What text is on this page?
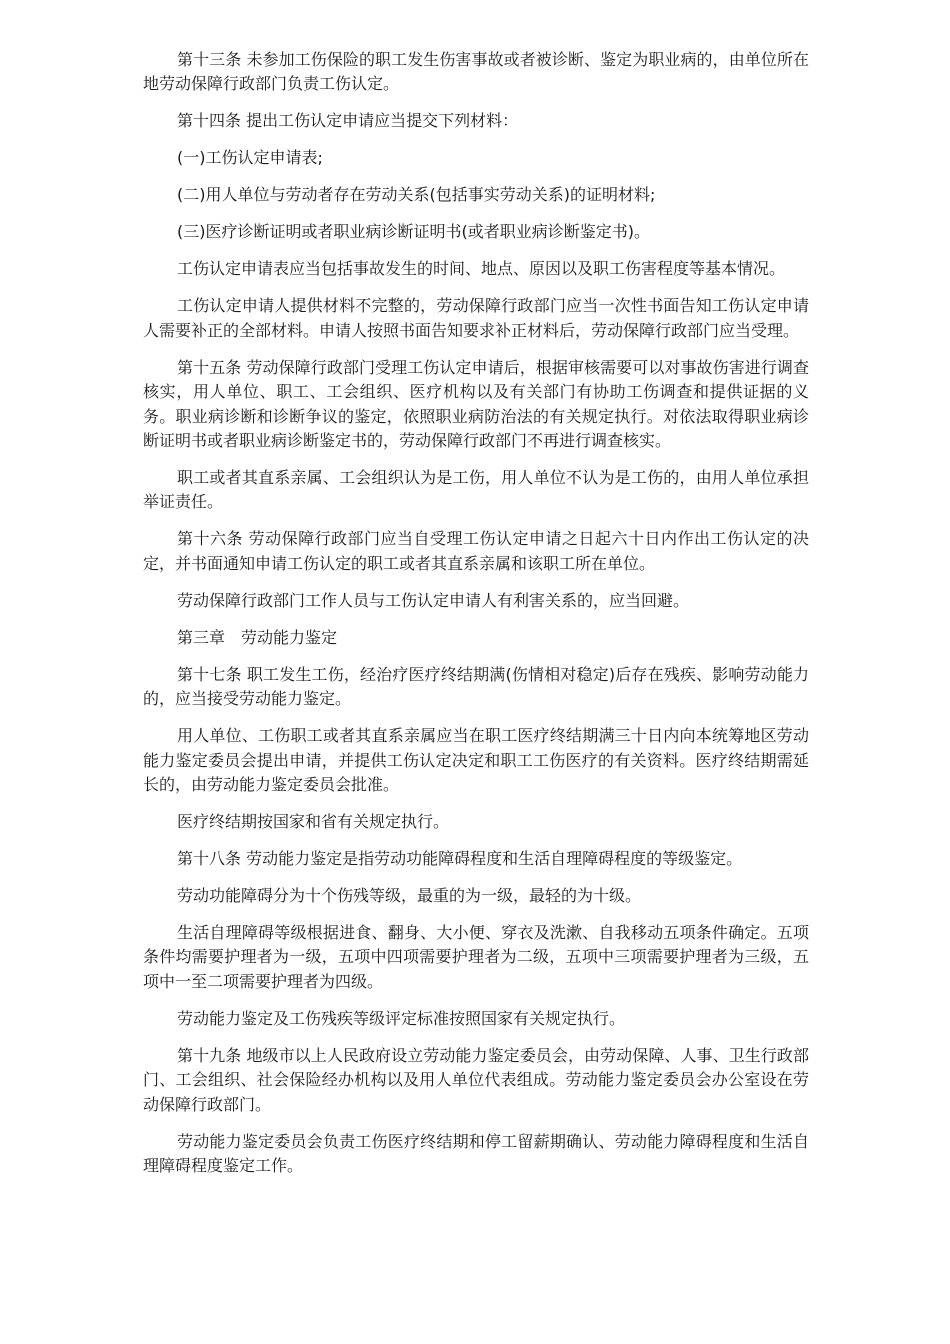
第十三条 未参加工伤保险的职工发生伤害事故或者被诊断、鉴定为职业病的，由单位所在地劳动保障行政部门负责工伤认定。

第十四条 提出工伤认定申请应当提交下列材料：

(一)工伤认定申请表;

(二)用人单位与劳动者存在劳动关系(包括事实劳动关系)的证明材料;

(三)医疗诊断证明或者职业病诊断证明书(或者职业病诊断鉴定书)。

工伤认定申请表应当包括事故发生的时间、地点、原因以及职工伤害程度等基本情况。

工伤认定申请人提供材料不完整的，劳动保障行政部门应当一次性书面告知工伤认定申请人需要补正的全部材料。申请人按照书面告知要求补正材料后，劳动保障行政部门应当受理。

第十五条 劳动保障行政部门受理工伤认定申请后，根据审核需要可以对事故伤害进行调查核实，用人单位、职工、工会组织、医疗机构以及有关部门有协助工伤调查和提供证据的义务。职业病诊断和诊断争议的鉴定，依照职业病防治法的有关规定执行。对依法取得职业病诊断证明书或者职业病诊断鉴定书的，劳动保障行政部门不再进行调查核实。

职工或者其直系亲属、工会组织认为是工伤，用人单位不认为是工伤的，由用人单位承担举证责任。

第十六条 劳动保障行政部门应当自受理工伤认定申请之日起六十日内作出工伤认定的决定，并书面通知申请工伤认定的职工或者其直系亲属和该职工所在单位。

劳动保障行政部门工作人员与工伤认定申请人有利害关系的，应当回避。

第三章　劳动能力鉴定

第十七条 职工发生工伤，经治疗医疗终结期满(伤情相对稳定)后存在残疾、影响劳动能力的，应当接受劳动能力鉴定。

用人单位、工伤职工或者其直系亲属应当在职工医疗终结期满三十日内向本统筹地区劳动能力鉴定委员会提出申请，并提供工伤认定决定和职工工伤医疗的有关资料。医疗终结期需延长的，由劳动能力鉴定委员会批准。

医疗终结期按国家和省有关规定执行。

第十八条 劳动能力鉴定是指劳动功能障碍程度和生活自理障碍程度的等级鉴定。

劳动功能障碍分为十个伤残等级，最重的为一级，最轻的为十级。

生活自理障碍等级根据进食、翻身、大小便、穿衣及洗漱、自我移动五项条件确定。五项条件均需要护理者为一级，五项中四项需要护理者为二级，五项中三项需要护理者为三级，五项中一至二项需要护理者为四级。

劳动能力鉴定及工伤残疾等级评定标准按照国家有关规定执行。

第十九条 地级市以上人民政府设立劳动能力鉴定委员会，由劳动保障、人事、卫生行政部门、工会组织、社会保险经办机构以及用人单位代表组成。劳动能力鉴定委员会办公室设在劳动保障行政部门。

劳动能力鉴定委员会负责工伤医疗终结期和停工留薪期确认、劳动能力障碍程度和生活自理障碍程度鉴定工作。
